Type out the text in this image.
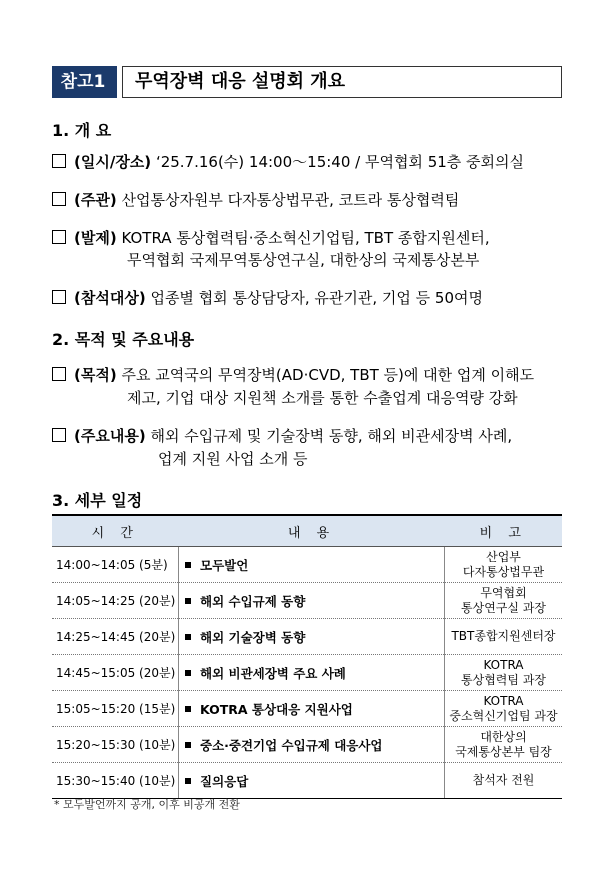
참고1	무역장벽 대응 설명회 개요
1. 개 요
(일시/장소) ‘25.7.16(수) 14:00～15:40 / 무역협회 51층 중회의실
(주관) 산업통상자원부 다자통상법무관, 코트라 통상협력팀
(발제) KOTRA 통상협력팀·중소혁신기업팀, TBT 종합지원센터,
무역협회 국제무역통상연구실, 대한상의 국제통상본부
(참석대상) 업종별 협회 통상담당자, 유관기관, 기업 등 50여명
2. 목적 및 주요내용
(목적) 주요 교역국의 무역장벽(AD·CVD, TBT 등)에 대한 업계 이해도
제고, 기업 대상 지원책 소개를 통한 수출업계 대응역량 강화
(주요내용) 해외 수입규제 및 기술장벽 동향, 해외 비관세장벽 사례,
업계 지원 사업 소개 등
3. 세부 일정
시 간	내 용	비 고
14:00~14:05 (5분)	모두발언	산업부
다자통상법무관

14:05~14:25 (20분)	해외 수입규제 동향	무역협회
통상연구실 과장

14:25~14:45 (20분)	해외 기술장벽 동향	TBT종합지원센터장

14:45~15:05 (20분)	해외 비관세장벽 주요 사례	KOTRA
통상협력팀 과장

15:05~15:20 (15분)	KOTRA 통상대응 지원사업	KOTRA
중소혁신기업팀 과장

15:20~15:30 (10분)	중소·중견기업 수입규제 대응사업	대한상의
국제통상본부 팀장

15:30~15:40 (10분)	질의응답	참석자 전원
* 모두발언까지 공개, 이후 비공개 전환
